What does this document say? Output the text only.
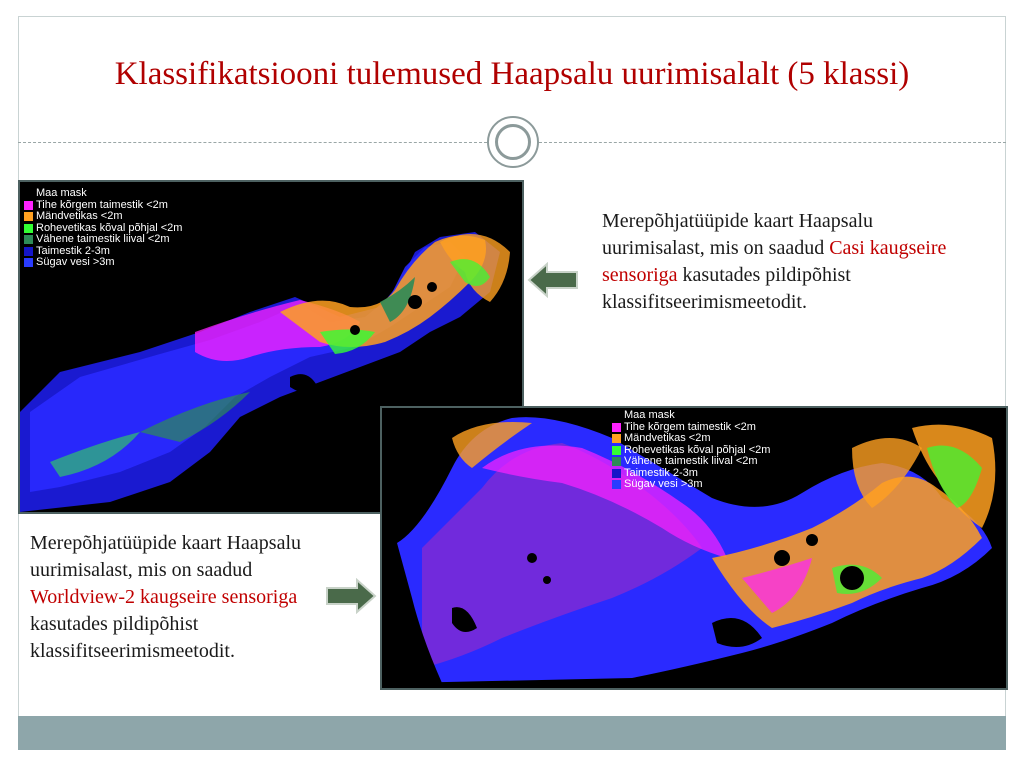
Klassifikatsiooni tulemused Haapsalu uurimisalalt (5 klassi)
Maa mask
Tihe kõrgem taimestik <2m
Mändvetikas <2m
Rohevetikas kõval põhjal <2m
Vähene taimestik liival <2m
Taimestik 2-3m
Sügav vesi >3m
Merepõhjatüüpide kaart Haapsalu uurimisalast, mis on saadud Casi kaugseire sensoriga kasutades pildipõhist klassifitseerimismeetodit.
Maa mask
Tihe kõrgem taimestik <2m
Mändvetikas <2m
Rohevetikas kõval põhjal <2m
Vähene taimestik liival <2m
Taimestik 2-3m
Sügav vesi >3m
Merepõhjatüüpide kaart Haapsalu uurimisalast, mis on saadud Worldview-2 kaugseire sensoriga kasutades pildipõhist klassifitseerimismeetodit.
